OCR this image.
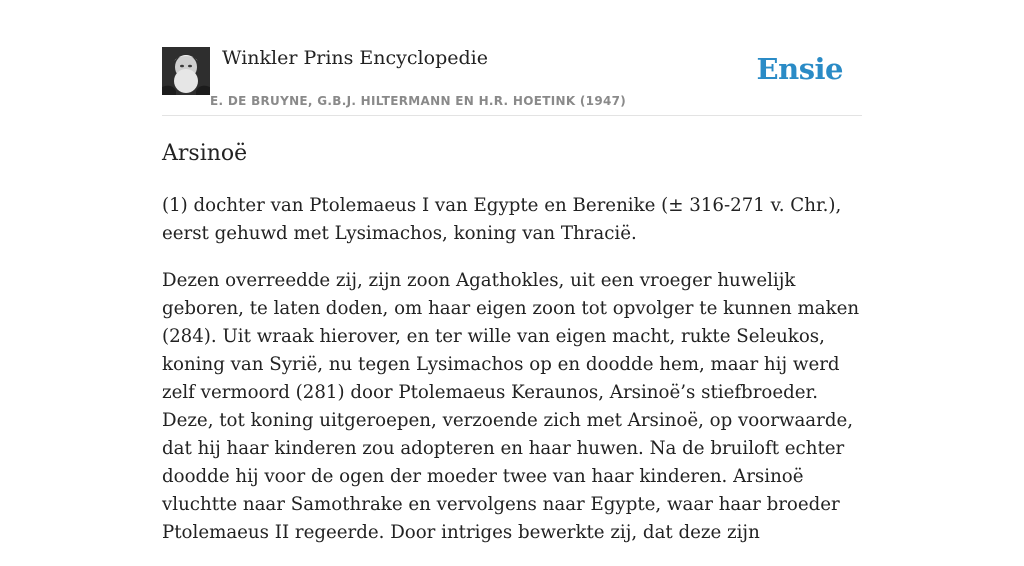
Winkler Prins Encyclopedie
E. DE BRUYNE, G.B.J. HILTERMANN EN H.R. HOETINK (1947)
Ensie
Arsinoë

(1) dochter van Ptolemaeus I van Egypte en Berenike (± 316-271 v. Chr.), eerst gehuwd met Lysimachos, koning van Thracië.

Dezen overreedde zij, zijn zoon Agathokles, uit een vroeger huwelijk geboren, te laten doden, om haar eigen zoon tot opvolger te kunnen maken (284). Uit wraak hierover, en ter wille van eigen macht, rukte Seleukos, koning van Syrië, nu tegen Lysimachos op en doodde hem, maar hij werd zelf vermoord (281) door Ptolemaeus Keraunos, Arsinoë’s stiefbroeder. Deze, tot koning uitgeroepen, verzoende zich met Arsinoë, op voorwaarde, dat hij haar kinderen zou adopteren en haar huwen. Na de bruiloft echter doodde hij voor de ogen der moeder twee van haar kinderen. Arsinoë vluchtte naar Samothrake en vervolgens naar Egypte, waar haar broeder Ptolemaeus II regeerde. Door intriges bewerkte zij, dat deze zijn
